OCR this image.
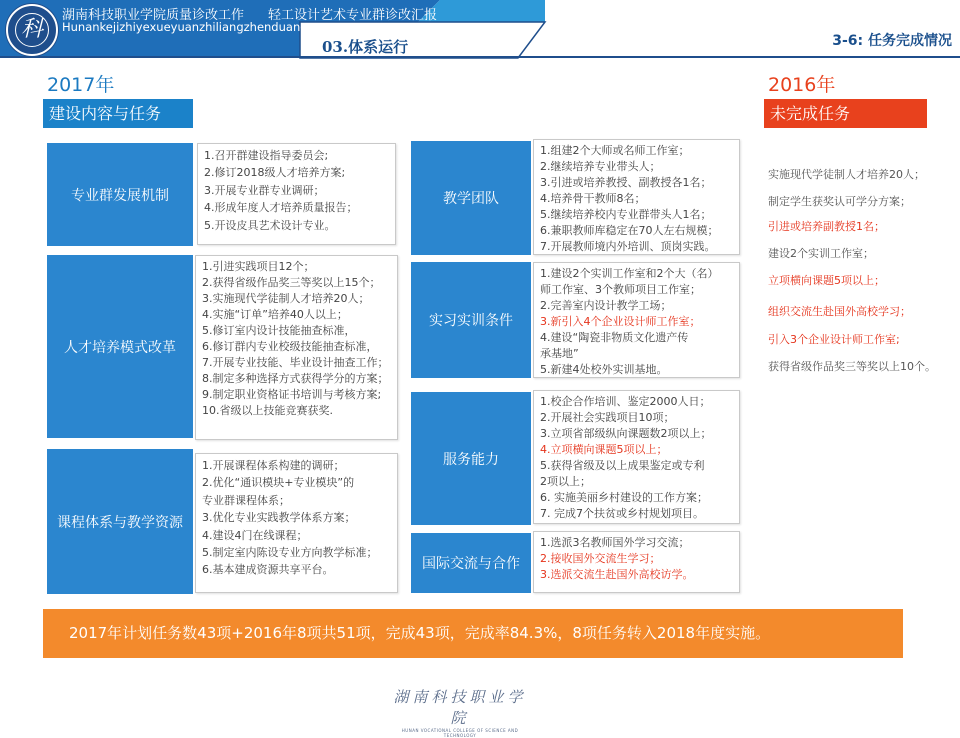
科
湖南科技职业学院质量诊改工作 轻工设计艺术专业群诊改汇报
Hunankejizhiyexueyuanzhiliangzhenduangongzuo
03.体系运行	3-6: 任务完成情况
2017年
建设内容与任务
2016年
未完成任务
专业群发展机制
1.召开群建设指导委员会;
2.修订2018级人才培养方案;
3.开展专业群专业调研；
4.形成年度人才培养质量报告；
5.开设皮具艺术设计专业。
人才培养模式改革
1.引进实践项目12个；
2.获得省级作品奖三等奖以上15个；
3.实施现代学徒制人才培养20人；
4.实施“订单”培养40人以上；
5.修订室内设计技能抽查标准，
6.修订群内专业校级技能抽查标准，
7.开展专业技能、毕业设计抽查工作；
8.制定多种选择方式获得学分的方案；
9.制定职业资格证书培训与考核方案;
10.省级以上技能竞赛获奖.
课程体系与教学资源
1.开展课程体系构建的调研；
2.优化“通识模块+专业模块”的
专业群课程体系；
3.优化专业实践教学体系方案；
4.建设4门在线课程；
5.制定室内陈设专业方向教学标准；
6.基本建成资源共享平台。
教学团队
1.组建2个大师或名师工作室；
2.继续培养专业带头人；
3.引进或培养教授、副教授各1名；
4.培养骨干教师8名；
5.继续培养校内专业群带头人1名；
6.兼职教师库稳定在70人左右规模；
7.开展教师境内外培训、顶岗实践。
实习实训条件
1.建设2个实训工作室和2个大（名）
师工作室、3个教师项目工作室；
2.完善室内设计教学工场；
3.新引入4个企业设计师工作室；
4.建设“陶瓷非物质文化遗产传
承基地”
5.新建4处校外实训基地。
服务能力
1.校企合作培训、鉴定2000人日；
2.开展社会实践项目10项；
3.立项省部级纵向课题数2项以上；
4.立项横向课题5项以上；
5.获得省级及以上成果鉴定或专利
2项以上；
6. 实施美丽乡村建设的工作方案；
7. 完成7个扶贫或乡村规划项目。
国际交流与合作
1.选派3名教师国外学习交流；
2.接收国外交流生学习；
3.选派交流生赴国外高校访学。
实施现代学徒制人才培养20人；
制定学生获奖认可学分方案；
引进或培养副教授1名；
建设2个实训工作室；
立项横向课题5项以上；
组织交流生赴国外高校学习；
引入3个企业设计师工作室;
获得省级作品奖三等奖以上10个。
2017年计划任务数43项+2016年8项共51项，完成43项，完成率84.3%，8项任务转入2018年度实施。
湖南科技职业学院
HUNAN VOCATIONAL COLLEGE OF SCIENCE AND TECHNOLOGY
